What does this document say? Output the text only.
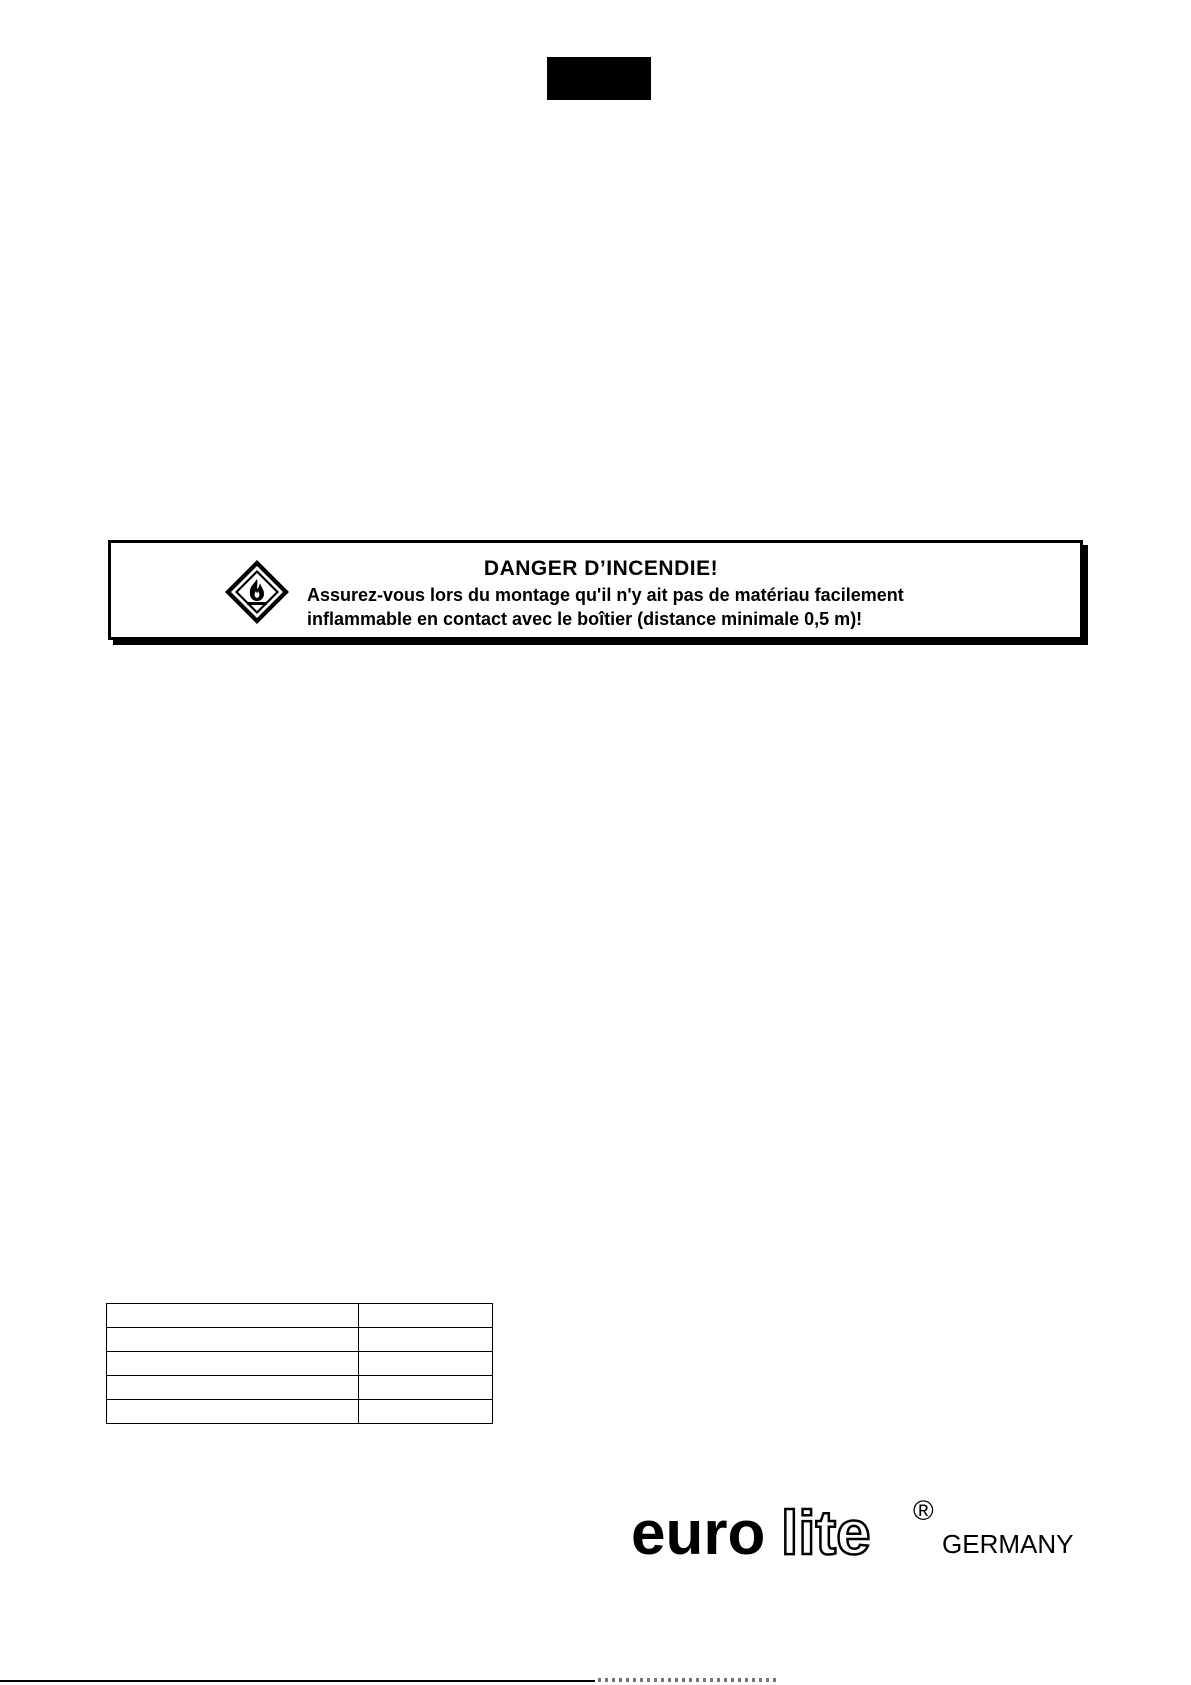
DANGER D’INCENDIE!
Assurez-vous lors du montage qu'il n'y ait pas de matériau facilement
inflammable en contact avec le boîtier (distance minimale 0,5 m)!

euro lite ®
GERMANY
